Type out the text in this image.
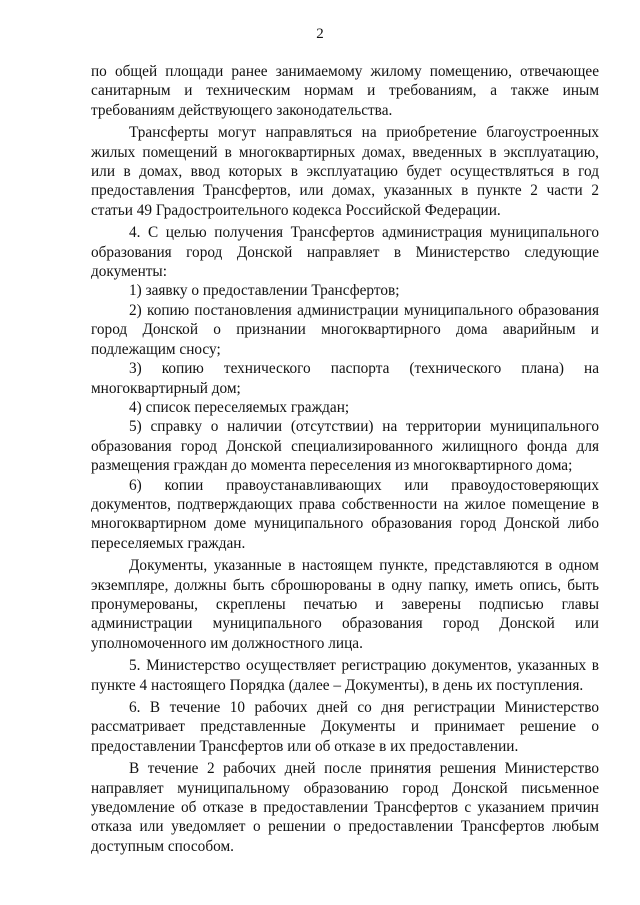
2

по общей площади ранее занимаемому жилому помещению, отвечающее санитарным и техническим нормам и требованиям, а также иным требованиям действующего законодательства.

Трансферты могут направляться на приобретение благоустроенных жилых помещений в многоквартирных домах, введенных в эксплуатацию, или в домах, ввод которых в эксплуатацию будет осуществляться в год предоставления Трансфертов, или домах, указанных в пункте 2 части 2 статьи 49 Градостроительного кодекса Российской Федерации.

4. С целью получения Трансфертов администрация муниципального образования город Донской направляет в Министерство следующие документы:

1) заявку о предоставлении Трансфертов;

2) копию постановления администрации муниципального образования город Донской о признании многоквартирного дома аварийным и подлежащим сносу;

3) копию технического паспорта (технического плана) на многоквартирный дом;

4) список переселяемых граждан;

5) справку о наличии (отсутствии) на территории муниципального образования город Донской специализированного жилищного фонда для размещения граждан до момента переселения из многоквартирного дома;

6) копии правоустанавливающих или правоудостоверяющих документов, подтверждающих права собственности на жилое помещение в многоквартирном доме муниципального образования город Донской либо переселяемых граждан.

Документы, указанные в настоящем пункте, представляются в одном экземпляре, должны быть сброшюрованы в одну папку, иметь опись, быть пронумерованы, скреплены печатью и заверены подписью главы администрации муниципального образования город Донской или уполномоченного им должностного лица.

5. Министерство осуществляет регистрацию документов, указанных в пункте 4 настоящего Порядка (далее – Документы), в день их поступления.

6. В течение 10 рабочих дней со дня регистрации Министерство рассматривает представленные Документы и принимает решение о предоставлении Трансфертов или об отказе в их предоставлении.

В течение 2 рабочих дней после принятия решения Министерство направляет муниципальному образованию город Донской письменное уведомление об отказе в предоставлении Трансфертов с указанием причин отказа или уведомляет о решении о предоставлении Трансфертов любым доступным способом.
